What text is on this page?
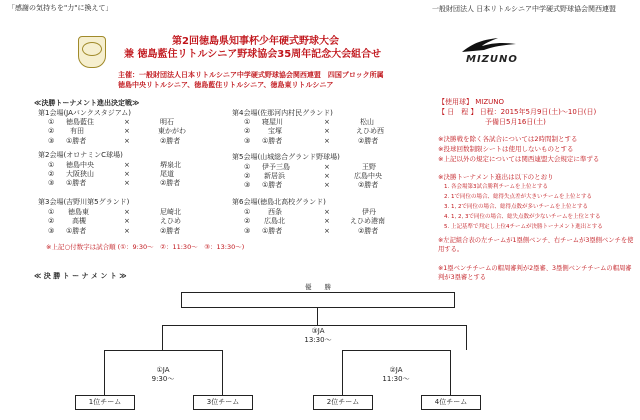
「感謝の気持ちを"力"に換えて」	一般財団法人 日本リトルシニア中学硬式野球協会関西連盟
第2回徳島県知事杯少年硬式野球大会
兼 徳島藍住リトルシニア野球協会35周年記念大会組合せ	MIZUNO
主催：一般財団法人日本リトルシニア中学硬式野球協会関西連盟　四国ブロック所属
徳島中央リトルシニア、徳島藍住リトルシニア、徳島東リトルシニア
≪決勝トーナメント進出決定戦≫
第1会場(JAバンクスタジアム)
① 徳島藍住	×	明石
② 有田	×	東かがわ
③ ①勝者	×	②勝者
第2会場(オロナミンC球場)
① 徳島中央	×	堺泉北
② 大阪狭山	×	尾道
③ ①勝者	×	②勝者
第3会場(吉野川第5グランド)
① 徳島東	×	尼崎北
②	高槻	×	えひめ
③ ①勝者	×	②勝者
第4会場(佐那河内村民グランド)
① 寝屋川	×	松山
②	宝塚	×	えひめ西
③ ①勝者	×	②勝者
第5会場(山城総合グランド野球場)
① 伊予三島	×	王野
② 新居浜	×	広島中央
③ ①勝者	×	②勝者
第6会場(徳島北高校グランド)
①	西条	×	伊丹
② 広島北	×	えひめ港南
③ ①勝者	×	②勝者
※上記○付数字は試合順 (①：9:30～　②：11:30～　③：13:30～)
【使用球】 MIZUNO
【 日　程 】 日程：2015年5月9日(土)～10日(日)
予備日5月16日(土)
※決勝戦を除く各試合については2時間制とする
※投球回数制限シートは使用しないものとする
※上記以外の規定については関西連盟大会規定に準ずる
※決勝トーナメント進出は以下のとおり
1. 各会場第3試合勝利チームを上位とする
2. 1で同位の場合、総得失点差が大きいチームを上位とする
3. 1, 2で同位の場合、総得点数が多いチームを上位とする
4. 1, 2, 3で同位の場合、総失点数が少ないチームを上位とする
5. 上記基準で判定し上位4チームが決勝トーナメント進出とする
※左記組合表の左チームが1塁側ベンチ、右チームが3塁側ベンチを使用する。
※1塁ベンチチームの帽周審判が2塁審、3塁側ベンチチームの帽周審判が3塁審とする
≪ 決 勝 ト ー ナ メ ン ト ≫
優　　勝
③JA
13:30～
①JA
9:30～
②JA
11:30～
1位チーム	3位チーム	2位チーム	4位チーム
